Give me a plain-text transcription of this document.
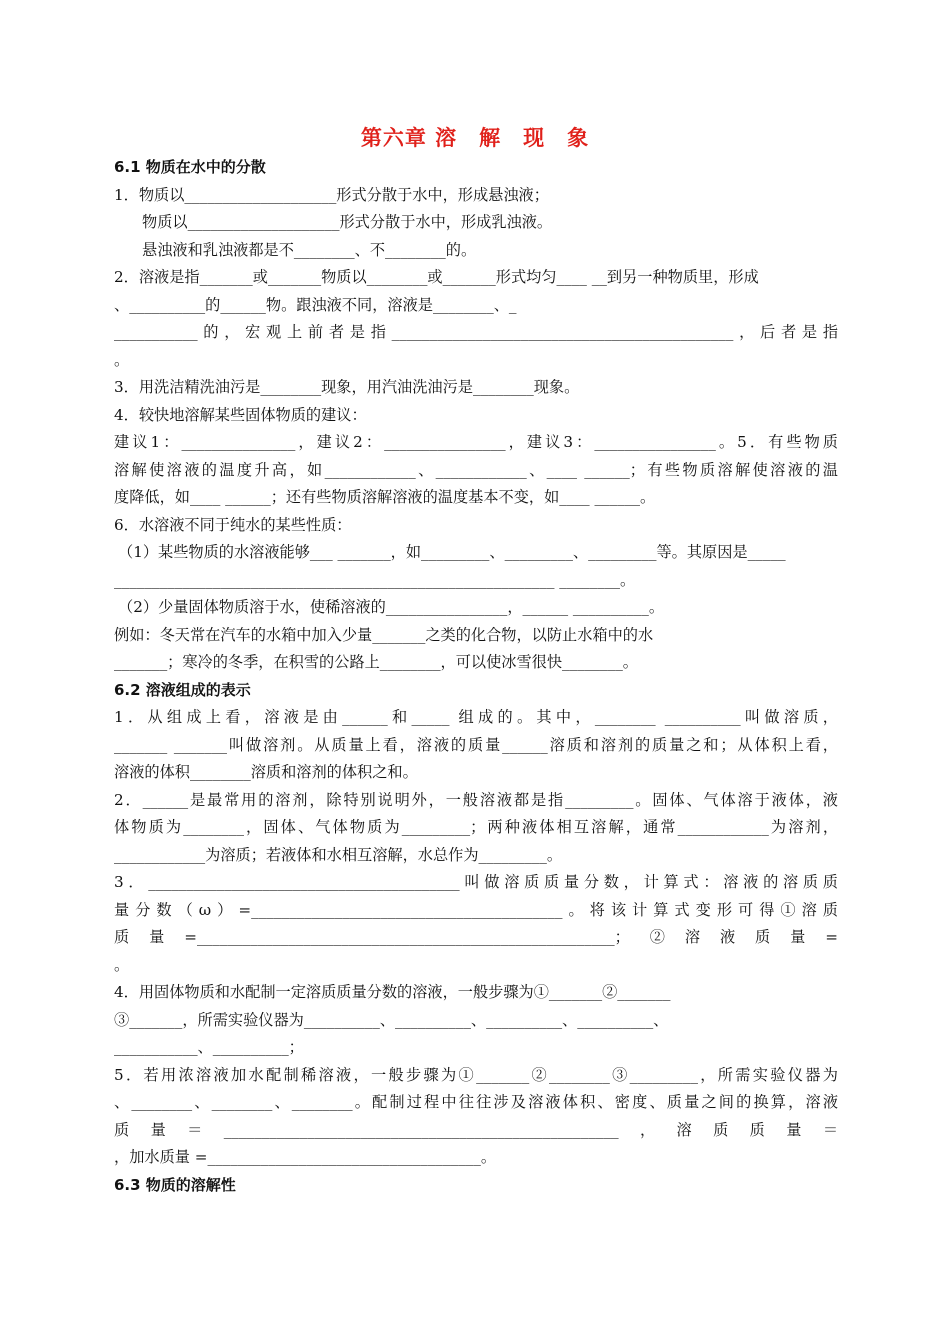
第六章 溶　解　现　象
6.1 物质在水中的分散
1．物质以____________________形式分散于水中，形成悬浊液；
物质以____________________形式分散于水中，形成乳浊液。
悬浊液和乳浊液都是不________、不________的。
2．溶液是指_______或_______物质以________或_______形式均匀____ __到另一种物质里，形成
、__________的______物。跟浊液不同，溶液是________、_
___________的，宏观上前者是指_____________________________________________，后者是指
。
3．用洗洁精洗油污是________现象，用汽油洗油污是________现象。
4．较快地溶解某些固体物质的建议：
建议1：_______________，建议2：________________，建议3：________________。5．有些物质
溶解使溶液的温度升高，如____________、____________、____ ______；有些物质溶解使溶液的温
度降低，如____ ______；还有些物质溶解溶液的温度基本不变，如____ ______。
6．水溶液不同于纯水的某些性质：
（1）某些物质的水溶液能够___ _______，如_________、_________、_________等。其原因是_____
__________________________________________________________ ________。
（2）少量固体物质溶于水，使稀溶液的________________，______ __________。
例如：冬天常在汽车的水箱中加入少量_______之类的化合物，以防止水箱中的水
_______；寒冷的冬季，在积雪的公路上________，可以使冰雪很快________。
6.2 溶液组成的表示
1．从组成上看，溶液是由______和_____ 组成的。其中，________ __________叫做溶质，
_______ _______叫做溶剂。从质量上看，溶液的质量______溶质和溶剂的质量之和；从体积上看，
溶液的体积________溶质和溶剂的体积之和。
2．______是最常用的溶剂，除特别说明外，一般溶液都是指_________。固体、气体溶于液体，液
体物质为________，固体、气体物质为_________；两种液体相互溶解，通常____________为溶剂，
____________为溶质；若液体和水相互溶解，水总作为_________。
3．_________________________________________叫做溶质质量分数，计算式：溶液的溶质质
量分数（ω）=_________________________________________。将该计算式变形可得①溶质
质量=_______________________________________________________；②溶液质量=
。
4．用固体物质和水配制一定溶质质量分数的溶液，一般步骤为①_______②_______
③_______，所需实验仪器为__________、__________、__________、__________、
___________、__________；
5．若用浓溶液加水配制稀溶液，一般步骤为①_______②________③_________，所需实验仪器为
、________、________、________。配制过程中往往涉及溶液体积、密度、质量之间的换算，溶液
质量＝____________________________________________________，溶质质量＝
，加水质量 =____________________________________。
6.3 物质的溶解性
